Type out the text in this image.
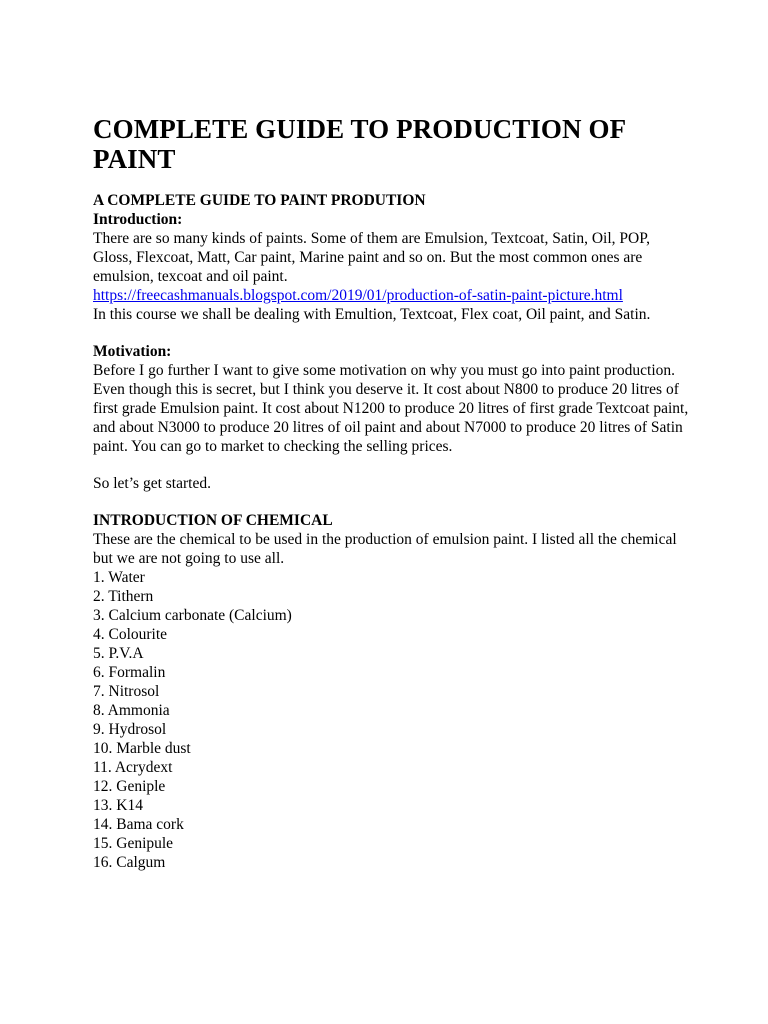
COMPLETE GUIDE TO PRODUCTION OF PAINT
A COMPLETE GUIDE TO PAINT PRODUTION
Introduction:

There are so many kinds of paints. Some of them are Emulsion, Textcoat, Satin, Oil, POP, Gloss, Flexcoat, Matt, Car paint, Marine paint and so on. But the most common ones are emulsion, texcoat and oil paint.

https://freecashmanuals.blogspot.com/2019/01/production-of-satin-paint-picture.html

In this course we shall be dealing with Emultion, Textcoat, Flex coat, Oil paint, and Satin.

Motivation:

Before I go further I want to give some motivation on why you must go into paint production. Even though this is secret, but I think you deserve it. It cost about N800 to produce 20 litres of first grade Emulsion paint. It cost about N1200 to produce 20 litres of first grade Textcoat paint, and about N3000 to produce 20 litres of oil paint and about N7000 to produce 20 litres of Satin paint. You can go to market to checking the selling prices.

So let’s get started.

INTRODUCTION OF CHEMICAL

These are the chemical to be used in the production of emulsion paint. I listed all the chemical but we are not going to use all.

1. Water
2. Tithern
3. Calcium carbonate (Calcium)
4. Colourite
5. P.V.A
6. Formalin
7. Nitrosol
8. Ammonia
9. Hydrosol
10. Marble dust
11. Acrydext
12. Geniple
13. K14
14. Bama cork
15. Genipule
16. Calgum
